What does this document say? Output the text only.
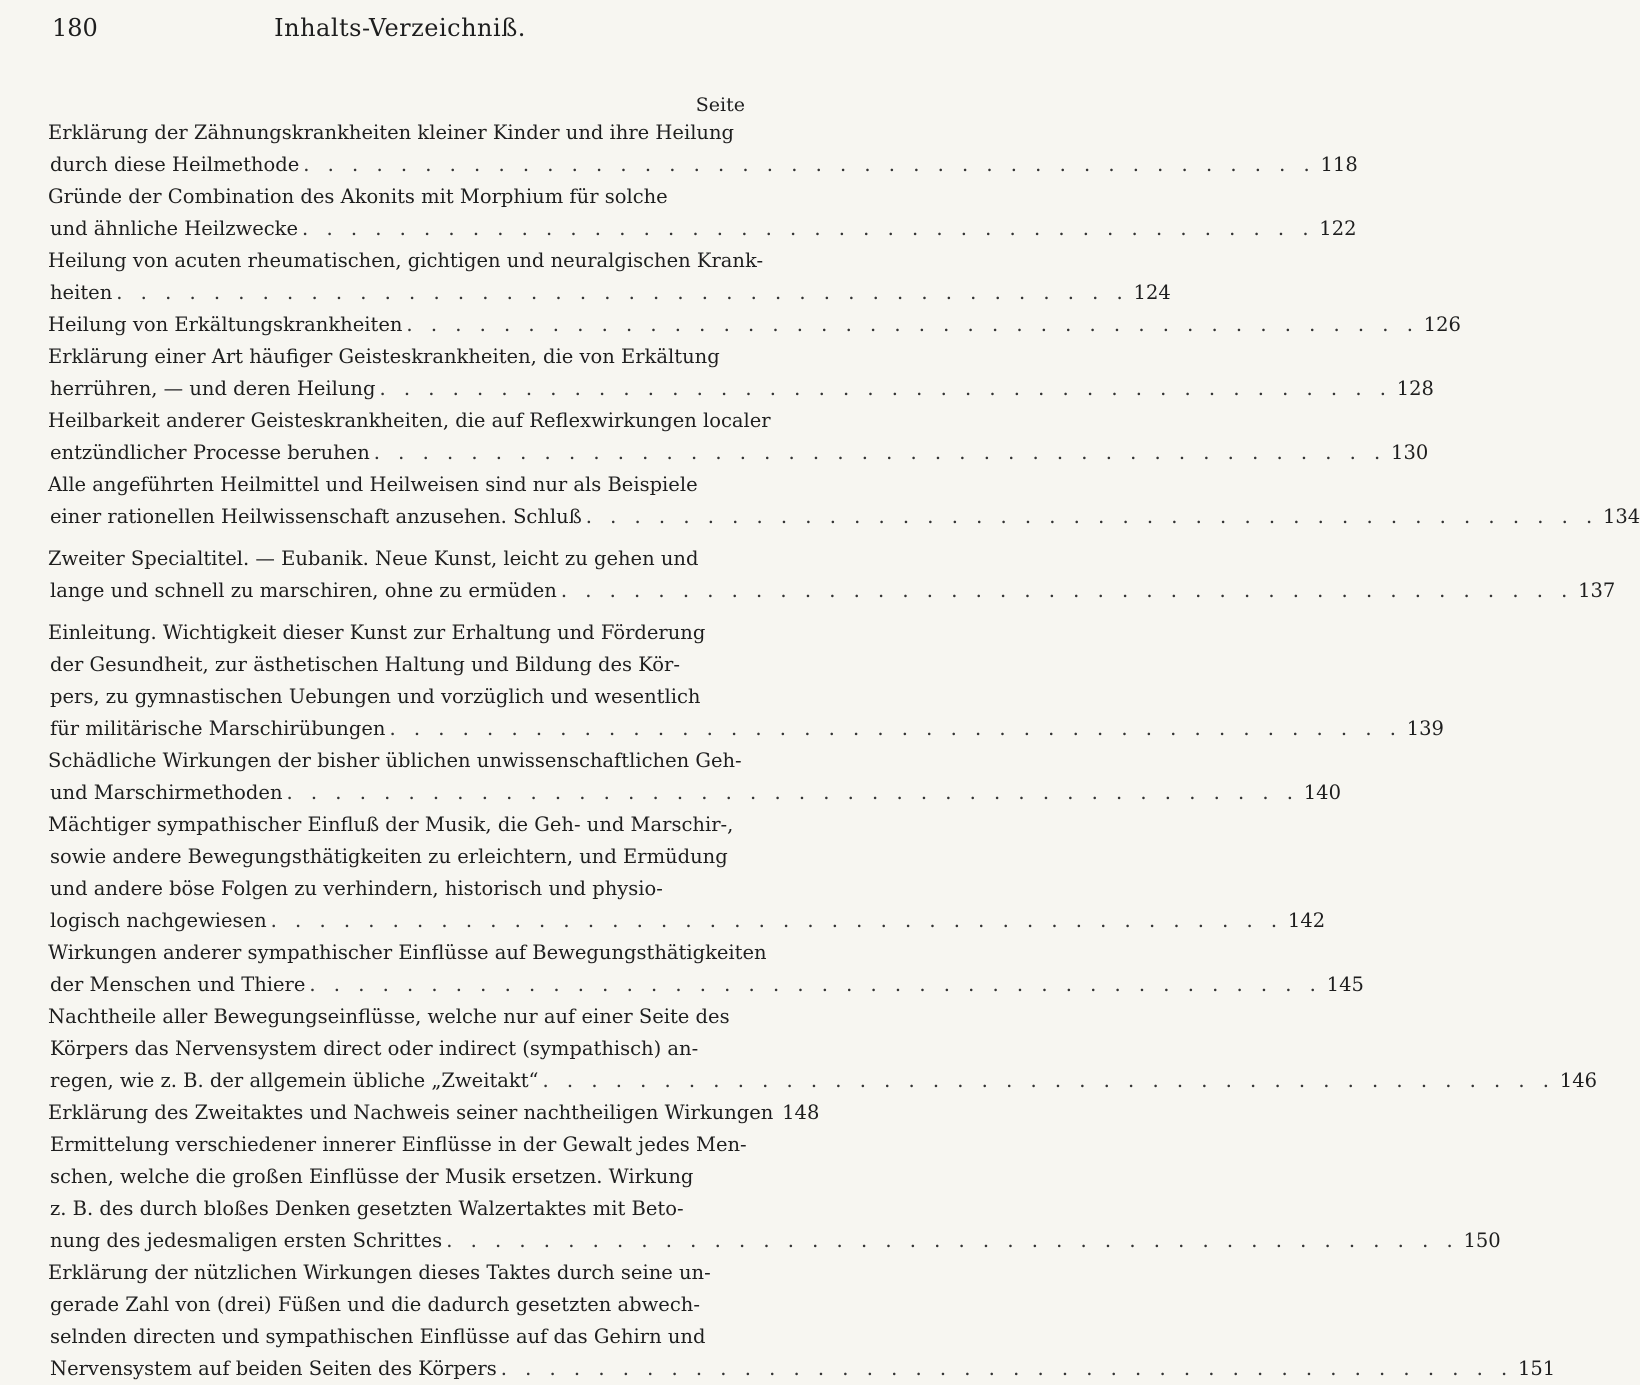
180	Inhalts-Verzeichniß.
Seite
Erklärung der Zähnungskrankheiten kleiner Kinder und ihre Heilung
durch diese Heilmethode . . . . . . . . . . . . . . . . . . . . . . . . . . . . . . . . . . . . . . . . . . 118
Gründe der Combination des Akonits mit Morphium für solche
und ähnliche Heilzwecke . . . . . . . . . . . . . . . . . . . . . . . . . . . . . . . . . . . . . . . . . . 122
Heilung von acuten rheumatischen, gichtigen und neuralgischen Krank-
heiten . . . . . . . . . . . . . . . . . . . . . . . . . . . . . . . . . . . . . . . . . . 124
Heilung von Erkältungskrankheiten . . . . . . . . . . . . . . . . . . . . . . . . . . . . . . . . . . . . . . . . . . 126
Erklärung einer Art häufiger Geisteskrankheiten, die von Erkältung
herrühren, — und deren Heilung . . . . . . . . . . . . . . . . . . . . . . . . . . . . . . . . . . . . . . . . . . 128
Heilbarkeit anderer Geisteskrankheiten, die auf Reflexwirkungen localer
entzündlicher Processe beruhen . . . . . . . . . . . . . . . . . . . . . . . . . . . . . . . . . . . . . . . . . . 130
Alle angeführten Heilmittel und Heilweisen sind nur als Beispiele
einer rationellen Heilwissenschaft anzusehen. Schluß . . . . . . . . . . . . . . . . . . . . . . . . . . . . . . . . . . . . . . . . . . 134
Zweiter Specialtitel. — Eubanik. Neue Kunst, leicht zu gehen und
lange und schnell zu marschiren, ohne zu ermüden . . . . . . . . . . . . . . . . . . . . . . . . . . . . . . . . . . . . . . . . . . 137
Einleitung. Wichtigkeit dieser Kunst zur Erhaltung und Förderung
der Gesundheit, zur ästhetischen Haltung und Bildung des Kör-
pers, zu gymnastischen Uebungen und vorzüglich und wesentlich
für militärische Marschirübungen . . . . . . . . . . . . . . . . . . . . . . . . . . . . . . . . . . . . . . . . . . 139
Schädliche Wirkungen der bisher üblichen unwissenschaftlichen Geh-
und Marschirmethoden . . . . . . . . . . . . . . . . . . . . . . . . . . . . . . . . . . . . . . . . . . 140
Mächtiger sympathischer Einfluß der Musik, die Geh- und Marschir-,
sowie andere Bewegungsthätigkeiten zu erleichtern, und Ermüdung
und andere böse Folgen zu verhindern, historisch und physio-
logisch nachgewiesen . . . . . . . . . . . . . . . . . . . . . . . . . . . . . . . . . . . . . . . . . . 142
Wirkungen anderer sympathischer Einflüsse auf Bewegungsthätigkeiten
der Menschen und Thiere . . . . . . . . . . . . . . . . . . . . . . . . . . . . . . . . . . . . . . . . . . 145
Nachtheile aller Bewegungseinflüsse, welche nur auf einer Seite des
Körpers das Nervensystem direct oder indirect (sympathisch) an-
regen, wie z. B. der allgemein übliche „Zweitakt“ . . . . . . . . . . . . . . . . . . . . . . . . . . . . . . . . . . . . . . . . . . 146
Erklärung des Zweitaktes und Nachweis seiner nachtheiligen Wirkungen 148
Ermittelung verschiedener innerer Einflüsse in der Gewalt jedes Men-
schen, welche die großen Einflüsse der Musik ersetzen. Wirkung
z. B. des durch bloßes Denken gesetzten Walzertaktes mit Beto-
nung des jedesmaligen ersten Schrittes . . . . . . . . . . . . . . . . . . . . . . . . . . . . . . . . . . . . . . . . . . 150
Erklärung der nützlichen Wirkungen dieses Taktes durch seine un-
gerade Zahl von (drei) Füßen und die dadurch gesetzten abwech-
selnden directen und sympathischen Einflüsse auf das Gehirn und
Nervensystem auf beiden Seiten des Körpers . . . . . . . . . . . . . . . . . . . . . . . . . . . . . . . . . . . . . . . . . . 151
